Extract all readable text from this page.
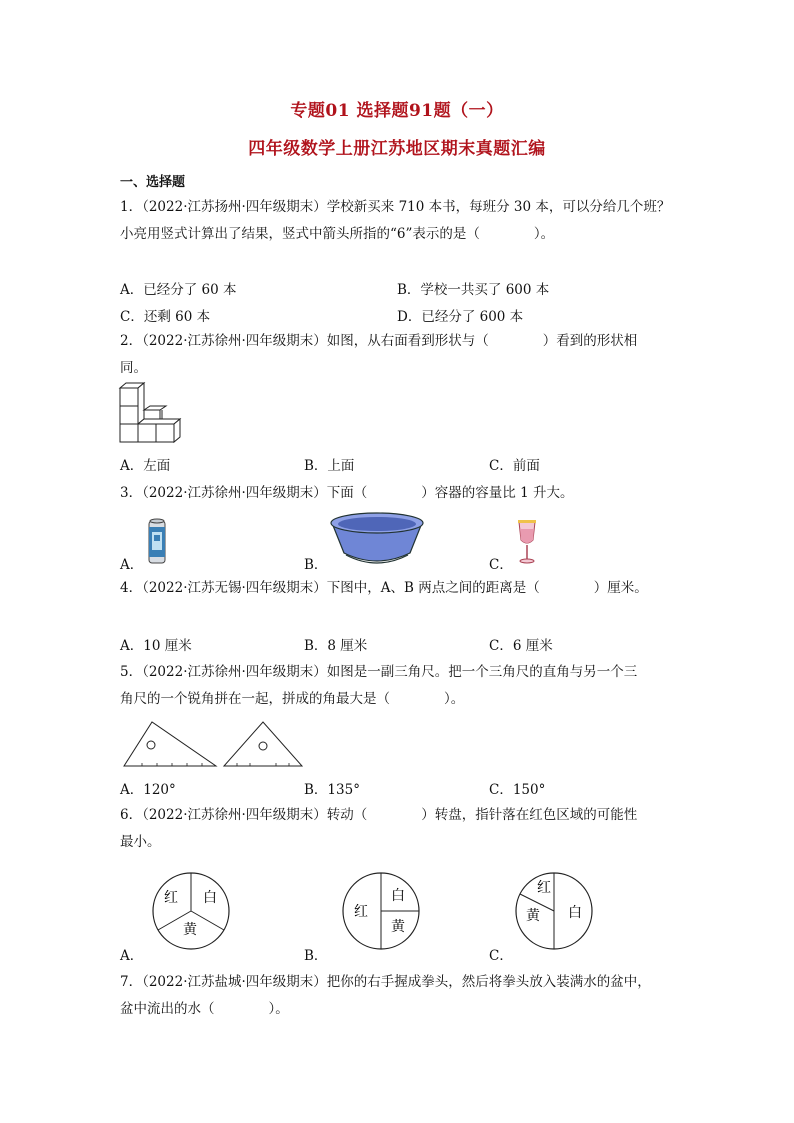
专题01 选择题91题（一）
四年级数学上册江苏地区期末真题汇编
一、选择题
1．（2022·江苏扬州·四年级期末）学校新买来 710 本书，每班分 30 本，可以分给几个班？
小亮用竖式计算出了结果，竖式中箭头所指的“6”表示的是（　　　　）。
A．已经分了 60 本	B．学校一共买了 600 本
C．还剩 60 本	D．已经分了 600 本
2．（2022·江苏徐州·四年级期末）如图，从右面看到形状与（　　　　）看到的形状相
同。
A．左面	B．上面	C．前面
3．（2022·江苏徐州·四年级期末）下面（　　　　）容器的容量比 1 升大。
A．	B．	C．
4．（2022·江苏无锡·四年级期末）下图中，A、B 两点之间的距离是（　　　　）厘米。
A．10 厘米	B．8 厘米	C．6 厘米
5．（2022·江苏徐州·四年级期末）如图是一副三角尺。把一个三角尺的直角与另一个三
角尺的一个锐角拼在一起，拼成的角最大是（　　　　）。
A．120°	B．135°	C．150°
6．（2022·江苏徐州·四年级期末）转动（　　　　）转盘，指针落在红色区域的可能性
最小。
红 白
黄
A．
红
白
黄
B．
红
白
黄
C．
7．（2022·江苏盐城·四年级期末）把你的右手握成拳头，然后将拳头放入装满水的盆中，
盆中流出的水（　　　　）。
